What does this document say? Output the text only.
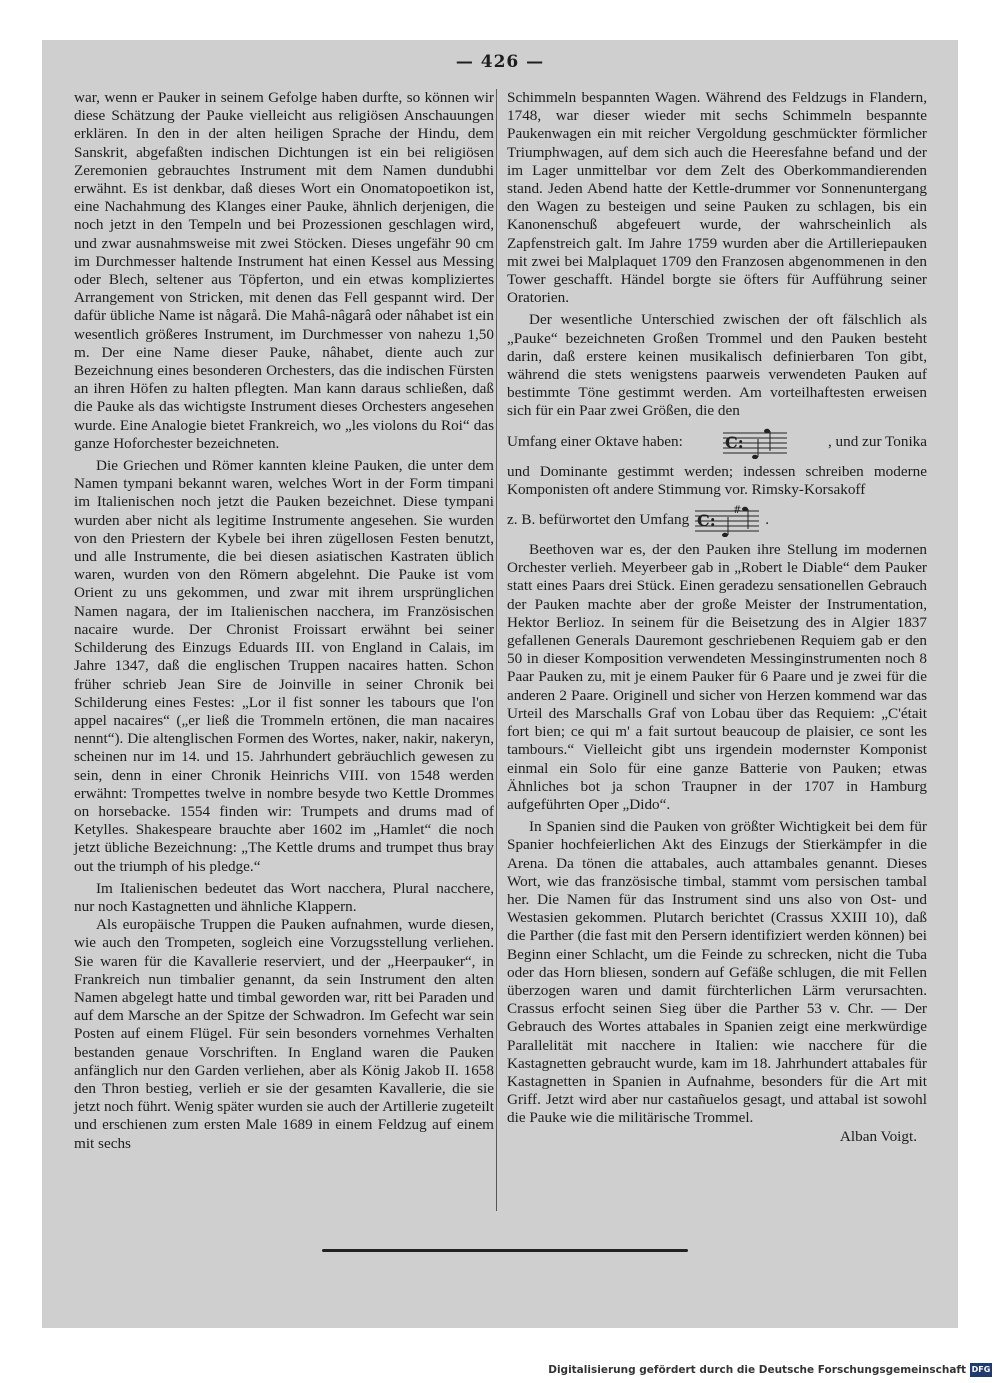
— 426 —

war, wenn er Pauker in seinem Gefolge haben durfte, so können wir diese Schätzung der Pauke vielleicht aus religiösen Anschauungen erklären. In den in der alten heiligen Sprache der Hindu, dem Sanskrit, abgefaßten indischen Dichtungen ist ein bei religiösen Zeremonien gebrauchtes Instrument mit dem Namen dundubhi erwähnt. Es ist denkbar, daß dieses Wort ein Onomatopoetikon ist, eine Nachahmung des Klanges einer Pauke, ähnlich derjenigen, die noch jetzt in den Tempeln und bei Prozessionen geschlagen wird, und zwar ausnahmsweise mit zwei Stöcken. Dieses ungefähr 90 cm im Durchmesser haltende Instrument hat einen Kessel aus Messing oder Blech, seltener aus Töpferton, und ein etwas kompliziertes Arrangement von Stricken, mit denen das Fell gespannt wird. Der dafür übliche Name ist någarå. Die Mahâ-nâgarâ oder nâhabet ist ein wesentlich größeres Instrument, im Durchmesser von nahezu 1,50 m. Der eine Name dieser Pauke, nâhabet, diente auch zur Bezeichnung eines besonderen Orchesters, das die indischen Fürsten an ihren Höfen zu halten pflegten. Man kann daraus schließen, daß die Pauke als das wichtigste Instrument dieses Orchesters angesehen wurde. Eine Analogie bietet Frankreich, wo „les violons du Roi“ das ganze Hoforchester bezeichneten.

Die Griechen und Römer kannten kleine Pauken, die unter dem Namen tympani bekannt waren, welches Wort in der Form timpani im Italienischen noch jetzt die Pauken bezeichnet. Diese tympani wurden aber nicht als legitime Instrumente angesehen. Sie wurden von den Priestern der Kybele bei ihren zügellosen Festen benutzt, und alle Instrumente, die bei diesen asiatischen Kastraten üblich waren, wurden von den Römern abgelehnt. Die Pauke ist vom Orient zu uns gekommen, und zwar mit ihrem ursprünglichen Namen nagara, der im Italienischen nacchera, im Französischen nacaire wurde. Der Chronist Froissart erwähnt bei seiner Schilderung des Einzugs Eduards III. von England in Calais, im Jahre 1347, daß die englischen Truppen nacaires hatten. Schon früher schrieb Jean Sire de Joinville in seiner Chronik bei Schilderung eines Festes: „Lor il fist sonner les tabours que l'on appel nacaires“ („er ließ die Trommeln ertönen, die man nacaires nennt“). Die altenglischen Formen des Wortes, naker, nakir, nakeryn, scheinen nur im 14. und 15. Jahrhundert gebräuchlich gewesen zu sein, denn in einer Chronik Heinrichs VIII. von 1548 werden erwähnt: Trompettes twelve in nombre besyde two Kettle Drommes on horsebacke. 1554 finden wir: Trumpets and drums mad of Ketylles. Shakespeare brauchte aber 1602 im „Hamlet“ die noch jetzt übliche Bezeichnung: „The Kettle drums and trumpet thus bray out the triumph of his pledge.“

Im Italienischen bedeutet das Wort nacchera, Plural nacchere, nur noch Kastagnetten und ähnliche Klappern.

Als europäische Truppen die Pauken aufnahmen, wurde diesen, wie auch den Trompeten, sogleich eine Vorzugsstellung verliehen. Sie waren für die Kavallerie reserviert, und der „Heerpauker“, in Frankreich nun timbalier genannt, da sein Instrument den alten Namen abgelegt hatte und timbal geworden war, ritt bei Paraden und auf dem Marsche an der Spitze der Schwadron. Im Gefecht war sein Posten auf einem Flügel. Für sein besonders vornehmes Verhalten bestanden genaue Vorschriften. In England waren die Pauken anfänglich nur den Garden verliehen, aber als König Jakob II. 1658 den Thron bestieg, verlieh er sie der gesamten Kavallerie, die sie jetzt noch führt. Wenig später wurden sie auch der Artillerie zugeteilt und erschienen zum ersten Male 1689 in einem Feldzug auf einem mit sechs

Schimmeln bespannten Wagen. Während des Feldzugs in Flandern, 1748, war dieser wieder mit sechs Schimmeln bespannte Paukenwagen ein mit reicher Vergoldung geschmückter förmlicher Triumphwagen, auf dem sich auch die Heeresfahne befand und der im Lager unmittelbar vor dem Zelt des Oberkommandierenden stand. Jeden Abend hatte der Kettle-drummer vor Sonnenuntergang den Wagen zu besteigen und seine Pauken zu schlagen, bis ein Kanonenschuß abgefeuert wurde, der wahrscheinlich als Zapfenstreich galt. Im Jahre 1759 wurden aber die Artilleriepauken mit zwei bei Malplaquet 1709 den Franzosen abgenommenen in den Tower geschafft. Händel borgte sie öfters für Aufführung seiner Oratorien.

Der wesentliche Unterschied zwischen der oft fälschlich als „Pauke“ bezeichneten Großen Trommel und den Pauken besteht darin, daß erstere keinen musikalisch definierbaren Ton gibt, während die stets wenigstens paarweis verwendeten Pauken auf bestimmte Töne gestimmt werden. Am vorteilhaftesten erweisen sich für ein Paar zwei Größen, die den

Umfang einer Oktave haben:	C:	, und zur Tonika

und Dominante gestimmt werden; indessen schreiben moderne Komponisten oft andere Stimmung vor. Rimsky-Korsakoff

z. B. befürwortet den Umfang C:
#
.

Beethoven war es, der den Pauken ihre Stellung im modernen Orchester verlieh. Meyerbeer gab in „Robert le Diable“ dem Pauker statt eines Paars drei Stück. Einen geradezu sensationellen Gebrauch der Pauken machte aber der große Meister der Instrumentation, Hektor Berlioz. In seinem für die Beisetzung des in Algier 1837 gefallenen Generals Dauremont geschriebenen Requiem gab er den 50 in dieser Komposition verwendeten Messinginstrumenten noch 8 Paar Pauken zu, mit je einem Pauker für 6 Paare und je zwei für die anderen 2 Paare. Originell und sicher von Herzen kommend war das Urteil des Marschalls Graf von Lobau über das Requiem: „C'était fort bien; ce qui m' a fait surtout beaucoup de plaisier, ce sont les tambours.“ Vielleicht gibt uns irgendein modernster Komponist einmal ein Solo für eine ganze Batterie von Pauken; etwas Ähnliches bot ja schon Traupner in der 1707 in Hamburg aufgeführten Oper „Dido“.

In Spanien sind die Pauken von größter Wichtigkeit bei dem für Spanier hochfeierlichen Akt des Einzugs der Stierkämpfer in die Arena. Da tönen die attabales, auch attambales genannt. Dieses Wort, wie das französische timbal, stammt vom persischen tambal her. Die Namen für das Instrument sind uns also von Ost- und Westasien gekommen. Plutarch berichtet (Crassus XXIII 10), daß die Parther (die fast mit den Persern identifiziert werden können) bei Beginn einer Schlacht, um die Feinde zu schrecken, nicht die Tuba oder das Horn bliesen, sondern auf Gefäße schlugen, die mit Fellen überzogen waren und damit fürchterlichen Lärm verursachten. Crassus erfocht seinen Sieg über die Parther 53 v. Chr. — Der Gebrauch des Wortes attabales in Spanien zeigt eine merkwürdige Parallelität mit nacchere in Italien: wie nacchere für die Kastagnetten gebraucht wurde, kam im 18. Jahrhundert attabales für Kastagnetten in Spanien in Aufnahme, besonders für die Art mit Griff. Jetzt wird aber nur castañuelos gesagt, und attabal ist sowohl die Pauke wie die militärische Trommel.

Alban Voigt.

Digitalisierung gefördert durch die Deutsche Forschungsgemeinschaft DFG
